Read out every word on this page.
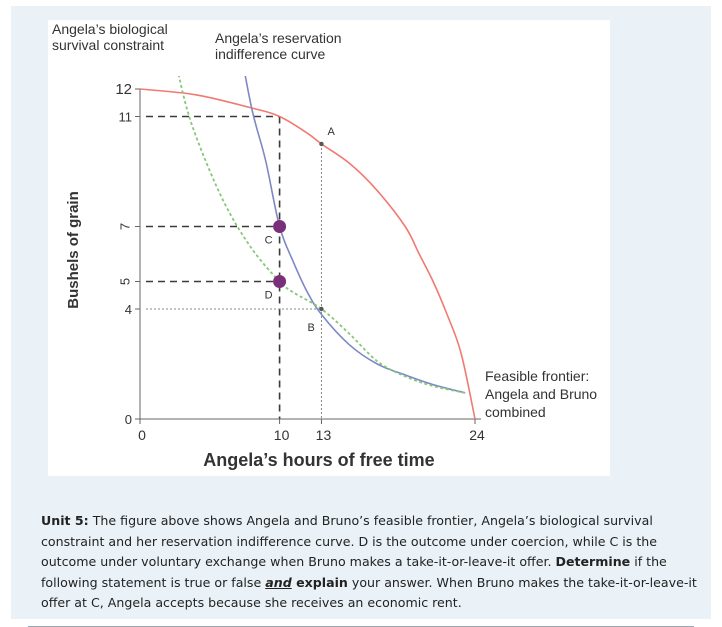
0
4
5
7
11
12
0	10 13	24
Angela’s hours of free time
Bushels of grain
A
C
D
B
Feasible frontier:
Angela and Bruno
combined
Angela’s reservation
indifference curve
Angela’s biological
survival constraint
Unit 5: The figure above shows Angela and Bruno’s feasible frontier, Angela’s biological survival constraint and her reservation indifference curve. D is the outcome under coercion, while C is the outcome under voluntary exchange when Bruno makes a take-it-or-leave-it offer. Determine if the following statement is true or false and explain your answer. When Bruno makes the take-it-or-leave-it offer at C, Angela accepts because she receives an economic rent.
